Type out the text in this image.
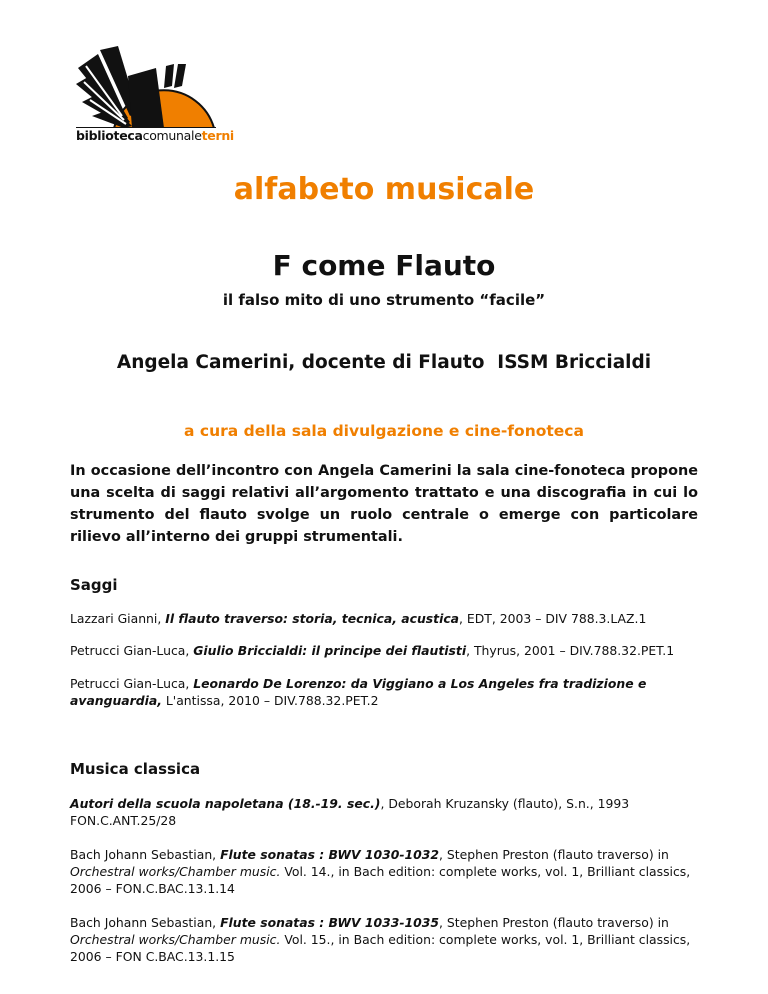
bibliotecacomunaleterni
alfabeto musicale
F come Flauto
il falso mito di uno strumento “facile”
Angela Camerini, docente di Flauto  ISSM Briccialdi
a cura della sala divulgazione e cine-fonoteca
In occasione dell’incontro con Angela Camerini la sala cine-fonoteca propone una scelta di saggi relativi all’argomento trattato e una discografia in cui lo strumento del flauto svolge un ruolo centrale o emerge con particolare rilievo all’interno dei gruppi strumentali.
Saggi
Lazzari Gianni, Il flauto traverso: storia, tecnica, acustica, EDT, 2003 – DIV 788.3.LAZ.1
Petrucci Gian-Luca, Giulio Briccialdi: il principe dei flautisti, Thyrus, 2001 – DIV.788.32.PET.1
Petrucci Gian-Luca, Leonardo De Lorenzo: da Viggiano a Los Angeles fra tradizione e avanguardia, L'antissa, 2010 – DIV.788.32.PET.2
Musica classica
Autori della scuola napoletana (18.-19. sec.), Deborah Kruzansky (flauto), S.n., 1993
FON.C.ANT.25/28
Bach Johann Sebastian, Flute sonatas : BWV 1030-1032, Stephen Preston (flauto traverso) in
Orchestral works/Chamber music. Vol. 14., in Bach edition: complete works, vol. 1, Brilliant classics, 2006 – FON.C.BAC.13.1.14
Bach Johann Sebastian, Flute sonatas : BWV 1033-1035, Stephen Preston (flauto traverso) in
Orchestral works/Chamber music. Vol. 15., in Bach edition: complete works, vol. 1, Brilliant classics, 2006 – FON C.BAC.13.1.15
